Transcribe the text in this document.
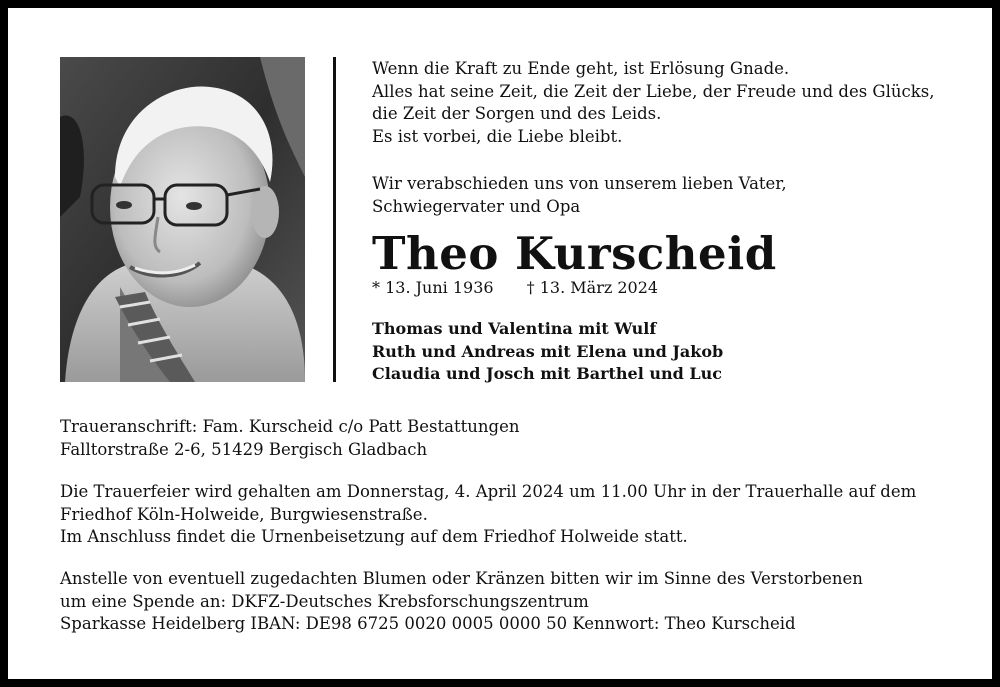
Wenn die Kraft zu Ende geht, ist Erlösung Gnade.
Alles hat seine Zeit, die Zeit der Liebe, der Freude und des Glücks,
die Zeit der Sorgen und des Leids.
Es ist vorbei, die Liebe bleibt.
Wir verabschieden uns von unserem lieben Vater,
Schwiegervater und Opa
Theo Kurscheid
* 13. Juni 1936 † 13. März 2024
Thomas und Valentina mit Wulf
Ruth und Andreas mit Elena und Jakob
Claudia und Josch mit Barthel und Luc
Traueranschrift: Fam. Kurscheid c/o Patt Bestattungen
Falltorstraße 2-6, 51429 Bergisch Gladbach
Die Trauerfeier wird gehalten am Donnerstag, 4. April 2024 um 11.00 Uhr in der Trauerhalle auf dem
Friedhof Köln-Holweide, Burgwiesenstraße.
Im Anschluss findet die Urnenbeisetzung auf dem Friedhof Holweide statt.
Anstelle von eventuell zugedachten Blumen oder Kränzen bitten wir im Sinne des Verstorbenen
um eine Spende an: DKFZ-Deutsches Krebsforschungszentrum
Sparkasse Heidelberg IBAN: DE98 6725 0020 0005 0000 50 Kennwort: Theo Kurscheid
